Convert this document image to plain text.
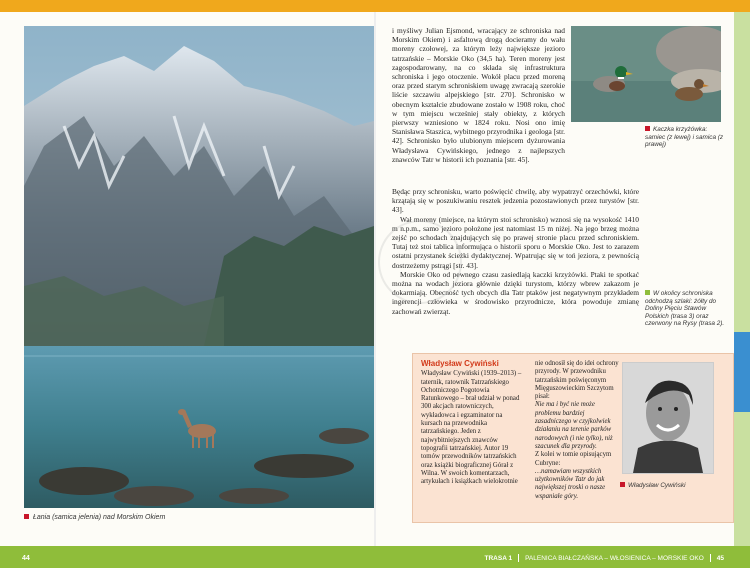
Łania (samica jelenia) nad Morskim Okiem

i myśliwy Julian Ejsmond, wracający ze schroniska nad Morskim Okiem) i asfaltową drogą docieramy do wału moreny czołowej, za którym leży największe jezioro tatrzańskie – Morskie Oko (34,5 ha). Teren moreny jest zagospodarowany, na co składa się infrastruktura schroniska i jego otoczenie. Wokół placu przed moreną oraz przed starym schroniskiem uwagę zwracają szerokie liście szczawiu alpejskiego [str. 270]. Schronisko w obecnym kształcie zbudowane zostało w 1908 roku, choć w tym miejscu wcześniej stały obiekty, z których pierwszy wzniesiono w 1824 roku. Nosi ono imię Stanisława Staszica, wybitnego przyrodnika i geologa [str. 42]. Schronisko było ulubionym miejscem dyżurowania Władysława Cywińskiego, jednego z najlepszych znawców Tatr w historii ich poznania [str. 45].

Będąc przy schronisku, warto poświęcić chwilę, aby wypatrzyć orzechówki, które krzątają się w poszukiwaniu resztek jedzenia pozostawionych przez turystów [str. 43].

Wał moreny (miejsce, na którym stoi schronisko) wznosi się na wysokość 1410 m n.p.m., samo jezioro położone jest natomiast 15 m niżej. Na jego brzeg można zejść po schodach znajdujących się po prawej stronie placu przed schroniskiem. Tutaj też stoi tablica informująca o historii sporu o Morskie Oko. Jest to zarazem ostatni przystanek ścieżki dydaktycznej. Wpatrując się w toń jeziora, z pewnością dostrzeżemy pstrągi [str. 43].

Morskie Oko od pewnego czasu zasiedlają kaczki krzyżówki. Ptaki te spotkać można na wodach jeziora głównie dzięki turystom, którzy wbrew zakazom je dokarmiają. Obecność tych obcych dla Tatr ptaków jest negatywnym przykładem ingerencji człowieka w środowisko przyrodnicze, która powoduje zmianę zachowań zwierząt.

Kaczka krzyżówka: samiec (z lewej) i samica (z prawej)
W okolicy schroniska odchodzą szlaki: żółty do Doliny Pięciu Stawów Polskich (trasa 3) oraz czerwony na Rysy (trasa 2).
Władysław Cywiński
Władysław Cywiński (1939–2013) – taternik, ratownik Tatrzańskiego Ochotniczego Pogotowia Ratunkowego – brał udział w ponad 300 akcjach ratowniczych, wykładowca i egzaminator na kursach na przewodnika tatrzańskiego. Jeden z najwybitniejszych znawców topografii tatrzańskiej. Autor 19 tomów przewodników tatrzańskich oraz książki biograficznej Górał z Wilna. W swoich komentarzach, artykułach i książkach wielokrotnie
nie odnosił się do idei ochrony przyrody. W przewodniku tatrzańskim poświęconym Mięguszowieckim Szczytom pisał:
Nie ma i być nie może problemu bardziej zasadniczego w czyjkolwiek działaniu na terenie parków narodowych (i nie tylko), niż szacunek dla przyrody.
Z kolei w tomie opisującym Cubryne:
…namawiam wszystkich użytkowników Tatr do jak największej troski o nasze wspaniałe góry.
Władysław Cywiński
44	TRASA 1 PALENICA BIAŁCZAŃSKA – WŁOSIENICA – MORSKIE OKO 45
